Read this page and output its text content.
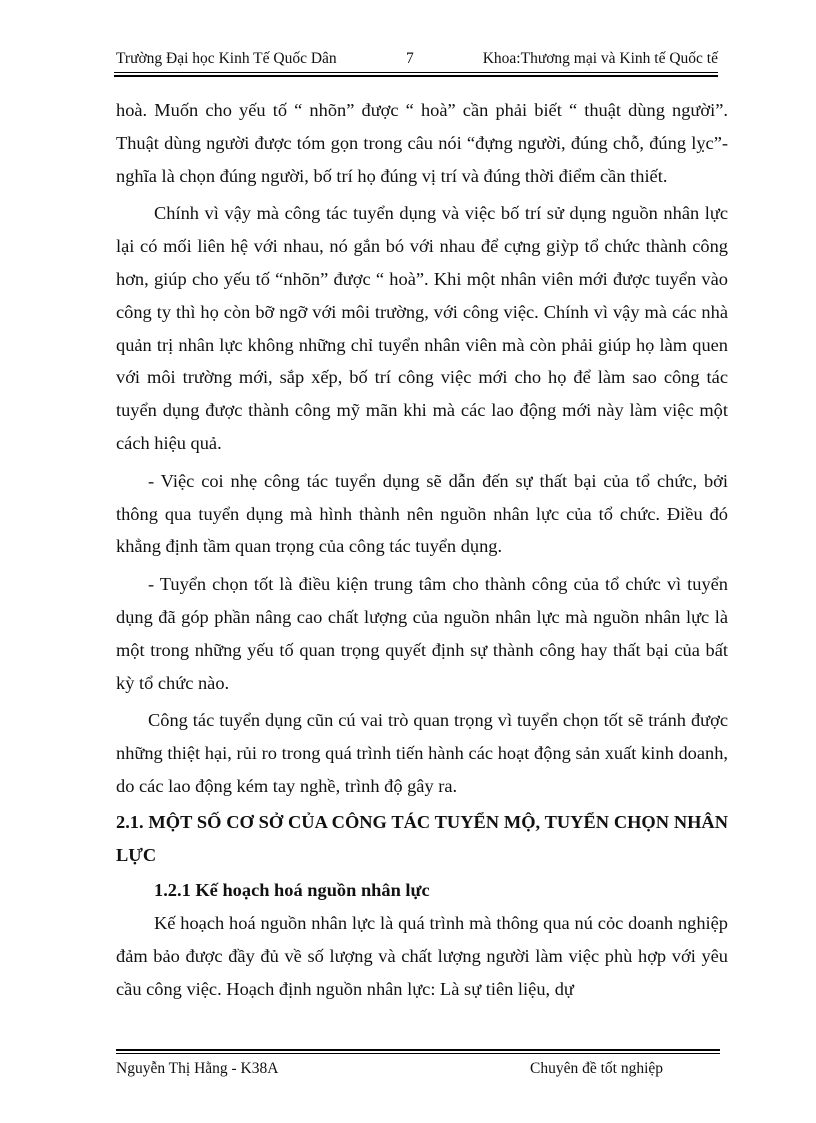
Trường Đại học Kinh Tế Quốc Dân	7	Khoa:Thương mại và Kinh tế Quốc tế

hoà. Muốn cho yếu tố “ nhõn” được “ hoà” cần phải biết “ thuật dùng người”. Thuật dùng người được tóm gọn trong câu nói “đựng người, đúng chỗ, đúng lỵc”- nghĩa là chọn đúng người, bố trí họ đúng vị trí và đúng thời điểm cần thiết.

Chính vì vậy mà công tác tuyển dụng và việc bố trí sử dụng nguồn nhân lực lại có mối liên hệ với nhau, nó gắn bó với nhau để cựng giỳp tổ chức thành công hơn, giúp cho yếu tố “nhõn” được “ hoà”. Khi một nhân viên mới được tuyển vào công ty thì họ còn bỡ ngỡ với môi trường, với công việc. Chính vì vậy mà các nhà quản trị nhân lực không những chỉ tuyển nhân viên mà còn phải giúp họ làm quen với môi trường mới, sắp xếp, bố trí công việc mới cho họ để làm sao công tác tuyển dụng được thành công mỹ mãn khi mà các lao động mới này làm việc một cách hiệu quả.

- Việc coi nhẹ công tác tuyển dụng sẽ dẫn đến sự thất bại của tổ chức, bởi thông qua tuyển dụng mà hình thành nên nguồn nhân lực của tổ chức. Điều đó khẳng định tầm quan trọng của công tác tuyển dụng.

- Tuyển chọn tốt là điều kiện trung tâm cho thành công của tổ chức vì tuyển dụng đã góp phần nâng cao chất lượng của nguồn nhân lực mà nguồn nhân lực là một trong những yếu tố quan trọng quyết định sự thành công hay thất bại của bất kỳ tổ chức nào.

Công tác tuyển dụng cũn cú vai trò quan trọng vì tuyển chọn tốt sẽ tránh được những thiệt hại, rủi ro trong quá trình tiến hành các hoạt động sản xuất kinh doanh, do các lao động kém tay nghề, trình độ gây ra.

2.1. MỘT SỐ CƠ SỞ CỦA CÔNG TÁC TUYỂN MỘ, TUYỂN CHỌN NHÂN LỰC

1.2.1 Kế hoạch hoá nguồn nhân lực

Kế hoạch hoá nguồn nhân lực là quá trình mà thông qua nú cỏc doanh nghiệp đảm bảo được đầy đủ về số lượng và chất lượng người làm việc phù hợp với yêu cầu công việc. Hoạch định nguồn nhân lực: Là sự tiên liệu, dự

Nguyễn Thị Hằng - K38A	Chuyên đề tốt nghiệp
